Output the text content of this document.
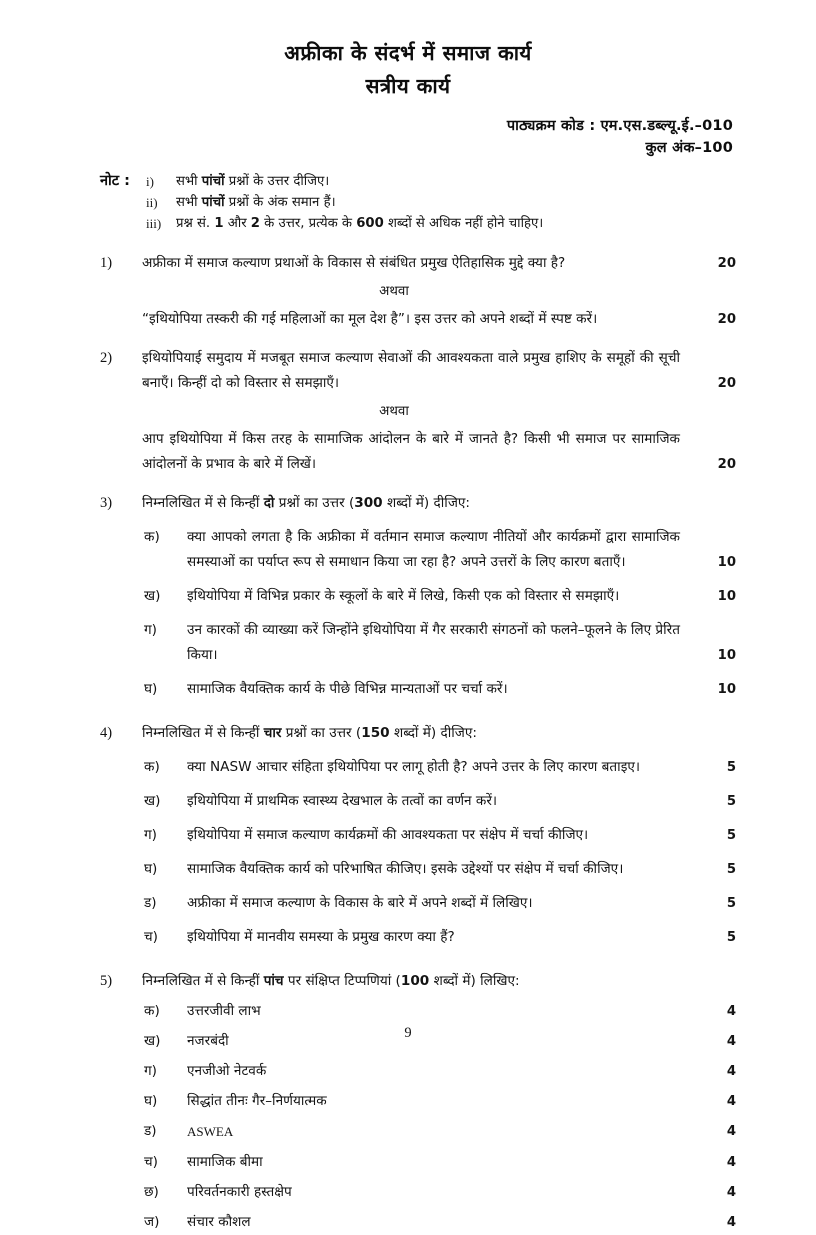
अफ्रीका के संदर्भ में समाज कार्य
सत्रीय कार्य
पाठ्यक्रम कोड : एम.एस.डब्ल्यू.ई.–010
कुल अंक–100
नोट :	i)	सभी पांचों प्रश्नों के उत्तर दीजिए।
ii)	सभी पांचों प्रश्नों के अंक समान हैं।
iii)	प्रश्न सं. 1 और 2 के उत्तर, प्रत्येक के 600 शब्दों से अधिक नहीं होने चाहिए।
1)	अफ्रीका में समाज कल्याण प्रथाओं के विकास से संबंधित प्रमुख ऐतिहासिक मुद्दे क्या है?	20
अथवा
“इथियोपिया तस्करी की गई महिलाओं का मूल देश है”। इस उत्तर को अपने शब्दों में स्पष्ट करें।	20
2)	इथियोपियाई समुदाय में मजबूत समाज कल्याण सेवाओं की आवश्यकता वाले प्रमुख हाशिए के समूहों की सूची बनाएँ। किन्हीं दो को विस्तार से समझाएँ।	20
अथवा
आप इथियोपिया में किस तरह के सामाजिक आंदोलन के बारे में जानते है? किसी भी समाज पर सामाजिक आंदोलनों के प्रभाव के बारे में लिखें।	20
3)	निम्नलिखित में से किन्हीं दो प्रश्नों का उत्तर (300 शब्दों में) दीजिए:
क)	क्या आपको लगता है कि अफ्रीका में वर्तमान समाज कल्याण नीतियों और कार्यक्रमों द्वारा सामाजिक समस्याओं का पर्याप्त रूप से समाधान किया जा रहा है? अपने उत्तरों के लिए कारण बताएँ।	10
ख)	इथियोपिया में विभिन्न प्रकार के स्कूलों के बारे में लिखे, किसी एक को विस्तार से समझाएँ।	10
ग)	उन कारकों की व्याख्या करें जिन्होंने इथियोपिया में गैर सरकारी संगठनों को फलने–फूलने के लिए प्रेरित किया।	10
घ)	सामाजिक वैयक्तिक कार्य के पीछे विभिन्न मान्यताओं पर चर्चा करें।	10
4)	निम्नलिखित में से किन्हीं चार प्रश्नों का उत्तर (150 शब्दों में) दीजिए:
क)	क्या NASW आचार संहिता इथियोपिया पर लागू होती है? अपने उत्तर के लिए कारण बताइए।	5
ख)	इथियोपिया में प्राथमिक स्वास्थ्य देखभाल के तत्वों का वर्णन करें।	5
ग)	इथियोपिया में समाज कल्याण कार्यक्रमों की आवश्यकता पर संक्षेप में चर्चा कीजिए।	5
घ)	सामाजिक वैयक्तिक कार्य को परिभाषित कीजिए। इसके उद्देश्यों पर संक्षेप में चर्चा कीजिए।	5
ड)	अफ्रीका में समाज कल्याण के विकास के बारे में अपने शब्दों में लिखिए।	5
च)	इथियोपिया में मानवीय समस्या के प्रमुख कारण क्या हैं?	5
5)	निम्नलिखित में से किन्हीं पांच पर संक्षिप्त टिप्पणियां (100 शब्दों में) लिखिए:
क)	उत्तरजीवी लाभ	4
ख)	नजरबंदी	4
ग)	एनजीओ नेटवर्क	4
घ)	सिद्धांत तीनः गैर–निर्णयात्मक	4
ड)	ASWEA	4
च)	सामाजिक बीमा	4
छ)	परिवर्तनकारी हस्तक्षेप	4
ज)	संचार कौशल	4
9
